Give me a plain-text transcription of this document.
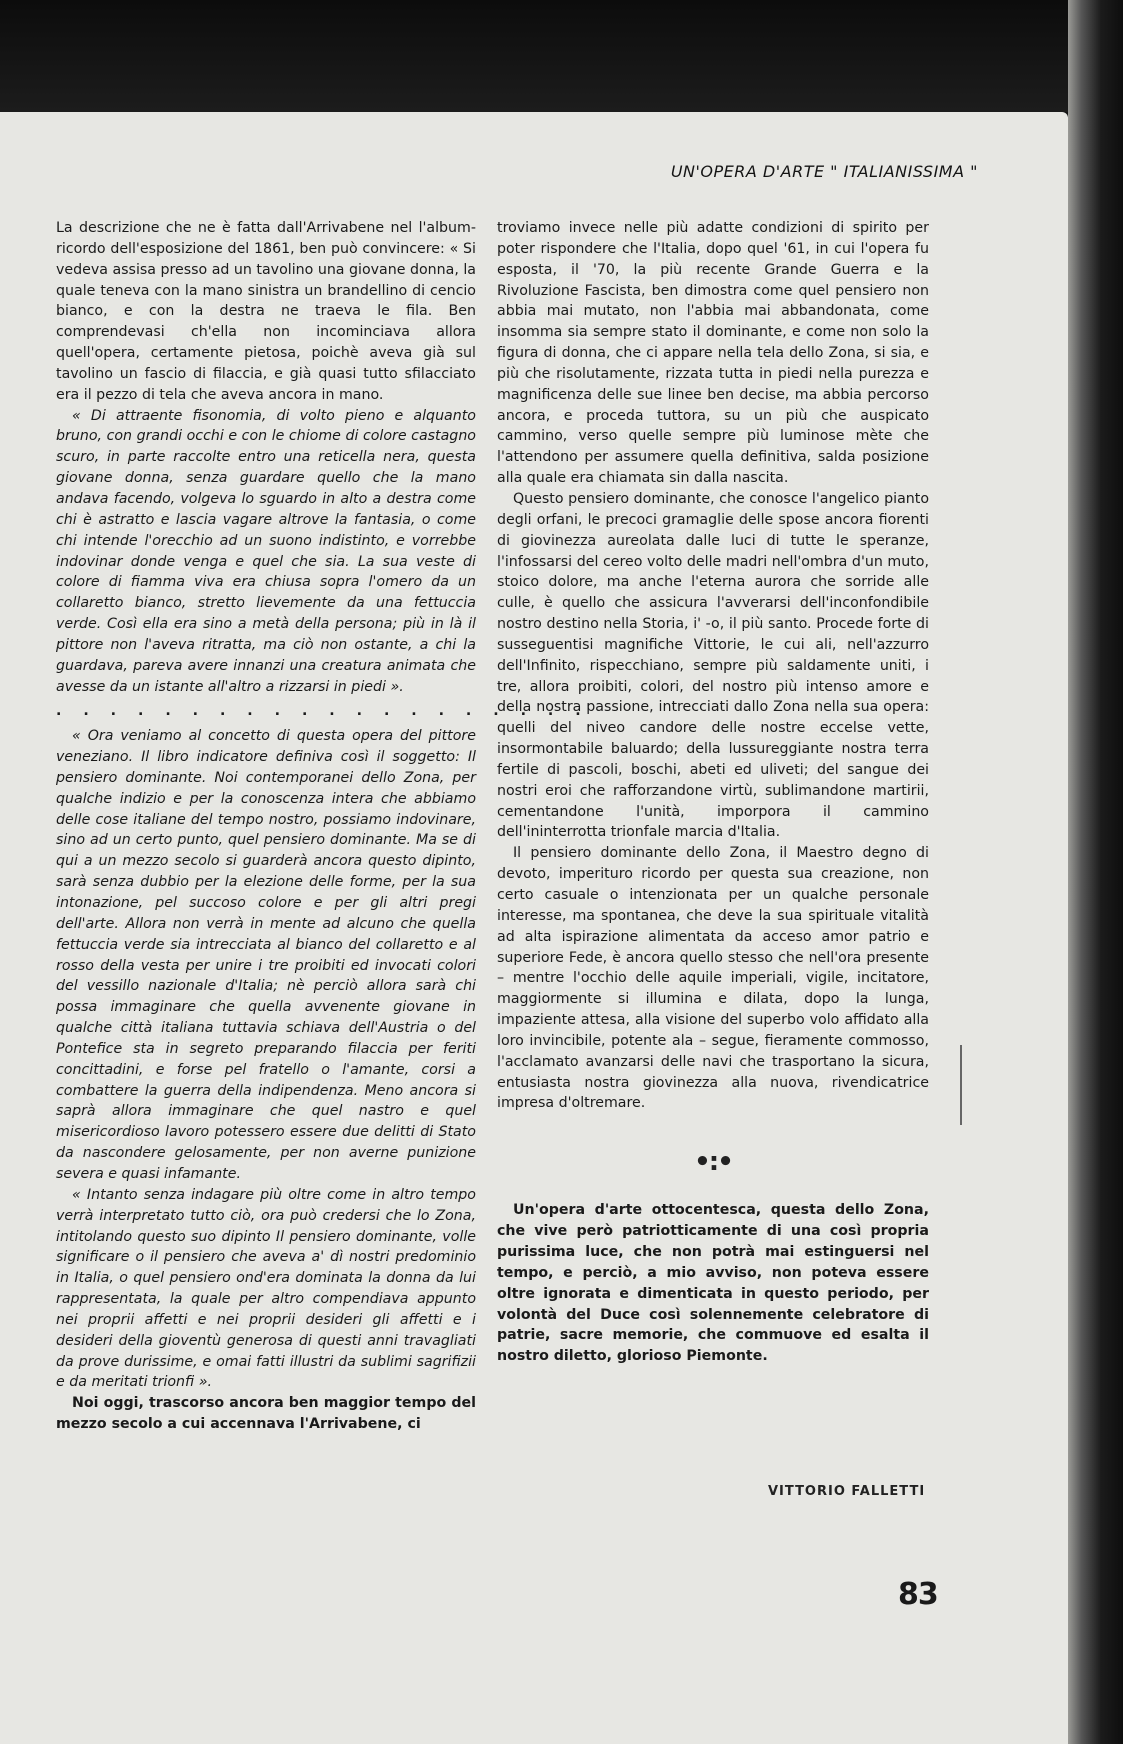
UN'OPERA D'ARTE " ITALIANISSIMA "

La descrizione che ne è fatta dall'Arrivabene nel l'album-ricordo dell'esposizione del 1861, ben può convincere: « Si vedeva assisa presso ad un tavolino una giovane donna, la quale teneva con la mano sinistra un brandellino di cencio bianco, e con la destra ne traeva le fila. Ben comprendevasi ch'ella non incominciava allora quell'opera, certamente pietosa, poichè aveva già sul tavolino un fascio di filaccia, e già quasi tutto sfilacciato era il pezzo di tela che aveva ancora in mano.

« Di attraente fisonomia, di volto pieno e alquanto bruno, con grandi occhi e con le chiome di colore castagno scuro, in parte raccolte entro una reticella nera, questa giovane donna, senza guardare quello che la mano andava facendo, volgeva lo sguardo in alto a destra come chi è astratto e lascia vagare altrove la fantasia, o come chi intende l'orecchio ad un suono indistinto, e vorrebbe indovinar donde venga e quel che sia. La sua veste di colore di fiamma viva era chiusa sopra l'omero da un collaretto bianco, stretto lievemente da una fettuccia verde. Così ella era sino a metà della persona; più in là il pittore non l'aveva ritratta, ma ciò non ostante, a chi la guardava, pareva avere innanzi una creatura animata che avesse da un istante all'altro a rizzarsi in piedi ».

. . . . . . . . . . . . . . . . . . . .

« Ora veniamo al concetto di questa opera del pittore veneziano. Il libro indicatore definiva così il soggetto: Il pensiero dominante. Noi contemporanei dello Zona, per qualche indizio e per la conoscenza intera che abbiamo delle cose italiane del tempo nostro, possiamo indovinare, sino ad un certo punto, quel pensiero dominante. Ma se di qui a un mezzo secolo si guarderà ancora questo dipinto, sarà senza dubbio per la elezione delle forme, per la sua intonazione, pel succoso colore e per gli altri pregi dell'arte. Allora non verrà in mente ad alcuno che quella fettuccia verde sia intrecciata al bianco del collaretto e al rosso della vesta per unire i tre proibiti ed invocati colori del vessillo nazionale d'Italia; nè perciò allora sarà chi possa immaginare che quella avvenente giovane in qualche città italiana tuttavia schiava dell'Austria o del Pontefice sta in segreto preparando filaccia per feriti concittadini, e forse pel fratello o l'amante, corsi a combattere la guerra della indipendenza. Meno ancora si saprà allora immaginare che quel nastro e quel misericordioso lavoro potessero essere due delitti di Stato da nascondere gelosamente, per non averne punizione severa e quasi infamante.

« Intanto senza indagare più oltre come in altro tempo verrà interpretato tutto ciò, ora può credersi che lo Zona, intitolando questo suo dipinto Il pensiero dominante, volle significare o il pensiero che aveva a' dì nostri predominio in Italia, o quel pensiero ond'era dominata la donna da lui rappresentata, la quale per altro compendiava appunto nei proprii affetti e nei proprii desideri gli affetti e i desideri della gioventù generosa di questi anni travagliati da prove durissime, e omai fatti illustri da sublimi sagrifizii e da meritati trionfi ».

Noi oggi, trascorso ancora ben maggior tempo del mezzo secolo a cui accennava l'Arrivabene, ci

troviamo invece nelle più adatte condizioni di spirito per poter rispondere che l'Italia, dopo quel '61, in cui l'opera fu esposta, il '70, la più recente Grande Guerra e la Rivoluzione Fascista, ben dimostra come quel pensiero non abbia mai mutato, non l'abbia mai abbandonata, come insomma sia sempre stato il dominante, e come non solo la figura di donna, che ci appare nella tela dello Zona, si sia, e più che risolutamente, rizzata tutta in piedi nella purezza e magnificenza delle sue linee ben decise, ma abbia percorso ancora, e proceda tuttora, su un più che auspicato cammino, verso quelle sempre più luminose mète che l'attendono per assumere quella definitiva, salda posizione alla quale era chiamata sin dalla nascita.

Questo pensiero dominante, che conosce l'angelico pianto degli orfani, le precoci gramaglie delle spose ancora fiorenti di giovinezza aureolata dalle luci di tutte le speranze, l'infossarsi del cereo volto delle madri nell'ombra d'un muto, stoico dolore, ma anche l'eterna aurora che sorride alle culle, è quello che assicura l'avverarsi dell'inconfondibile nostro destino nella Storia, i' -o, il più santo. Procede forte di susseguentisi magnifiche Vittorie, le cui ali, nell'azzurro dell'Infinito, rispecchiano, sempre più saldamente uniti, i tre, allora proibiti, colori, del nostro più intenso amore e della nostra passione, intrecciati dallo Zona nella sua opera: quelli del niveo candore delle nostre eccelse vette, insormontabile baluardo; della lussureggiante nostra terra fertile di pascoli, boschi, abeti ed uliveti; del sangue dei nostri eroi che rafforzandone virtù, sublimandone martirii, cementandone l'unità, imporpora il cammino dell'ininterrotta trionfale marcia d'Italia.

Il pensiero dominante dello Zona, il Maestro degno di devoto, imperituro ricordo per questa sua creazione, non certo casuale o intenzionata per un qualche personale interesse, ma spontanea, che deve la sua spirituale vitalità ad alta ispirazione alimentata da acceso amor patrio e superiore Fede, è ancora quello stesso che nell'ora presente – mentre l'occhio delle aquile imperiali, vigile, incitatore, maggiormente si illumina e dilata, dopo la lunga, impaziente attesa, alla visione del superbo volo affidato alla loro invincibile, potente ala – segue, fieramente commosso, l'acclamato avanzarsi delle navi che trasportano la sicura, entusiasta nostra giovinezza alla nuova, rivendicatrice impresa d'oltremare.

•:•

Un'opera d'arte ottocentesca, questa dello Zona, che vive però patriotticamente di una così propria purissima luce, che non potrà mai estinguersi nel tempo, e perciò, a mio avviso, non poteva essere oltre ignorata e dimenticata in questo periodo, per volontà del Duce così solennemente celebratore di patrie, sacre memorie, che commuove ed esalta il nostro diletto, glorioso Piemonte.

VITTORIO FALLETTI
83
